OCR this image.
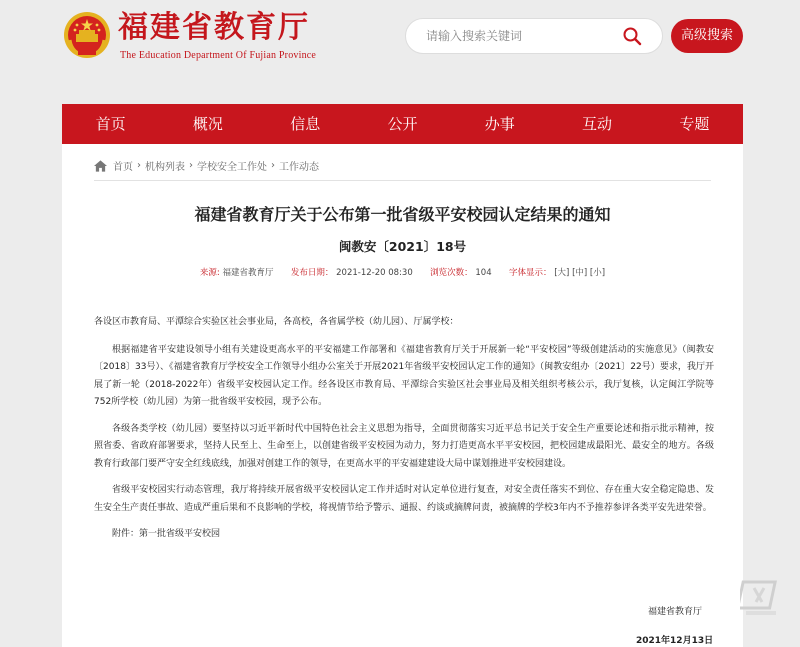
福建省教育厅
The Education Department Of Fujian Province
请输入搜索关键词
高级搜索
首页	概况	信息	公开	办事	互动	专题
首页 › 机构列表 › 学校安全工作处 › 工作动态
福建省教育厅关于公布第一批省级平安校园认定结果的通知
闽教安〔2021〕18号
来源: 福建省教育厅 发布日期： 2021-12-20 08:30 浏览次数： 104 字体显示： [大] [中] [小]

各设区市教育局、平潭综合实验区社会事业局，各高校，各省属学校（幼儿园）、厅属学校：

根据福建省平安建设领导小组有关建设更高水平的平安福建工作部署和《福建省教育厅关于开展新一轮“平安校园”等级创建活动的实施意见》（闽教安〔2018〕33号）、《福建省教育厅学校安全工作领导小组办公室关于开展2021年省级平安校园认定工作的通知》（闽教安组办〔2021〕22号）要求，我厅开展了新一轮（2018-2022年）省级平安校园认定工作。经各设区市教育局、平潭综合实验区社会事业局及相关组织考核公示，我厅复核，认定闽江学院等752所学校（幼儿园）为第一批省级平安校园，现予公布。

各级各类学校（幼儿园）要坚持以习近平新时代中国特色社会主义思想为指导，全面贯彻落实习近平总书记关于安全生产重要论述和指示批示精神，按照省委、省政府部署要求，坚持人民至上、生命至上，以创建省级平安校园为动力，努力打造更高水平平安校园，把校园建成最阳光、最安全的地方。各级教育行政部门要严守安全红线底线，加强对创建工作的领导，在更高水平的平安福建建设大局中谋划推进平安校园建设。

省级平安校园实行动态管理，我厅将持续开展省级平安校园认定工作并适时对认定单位进行复查，对安全责任落实不到位、存在重大安全稳定隐患、发生安全生产责任事故、造成严重后果和不良影响的学校，将视情节给予警示、通报、约谈或摘牌问责，被摘牌的学校3年内不予推荐参评各类平安先进荣誉。

附件：第一批省级平安校园

福建省教育厅
2021年12月13日
